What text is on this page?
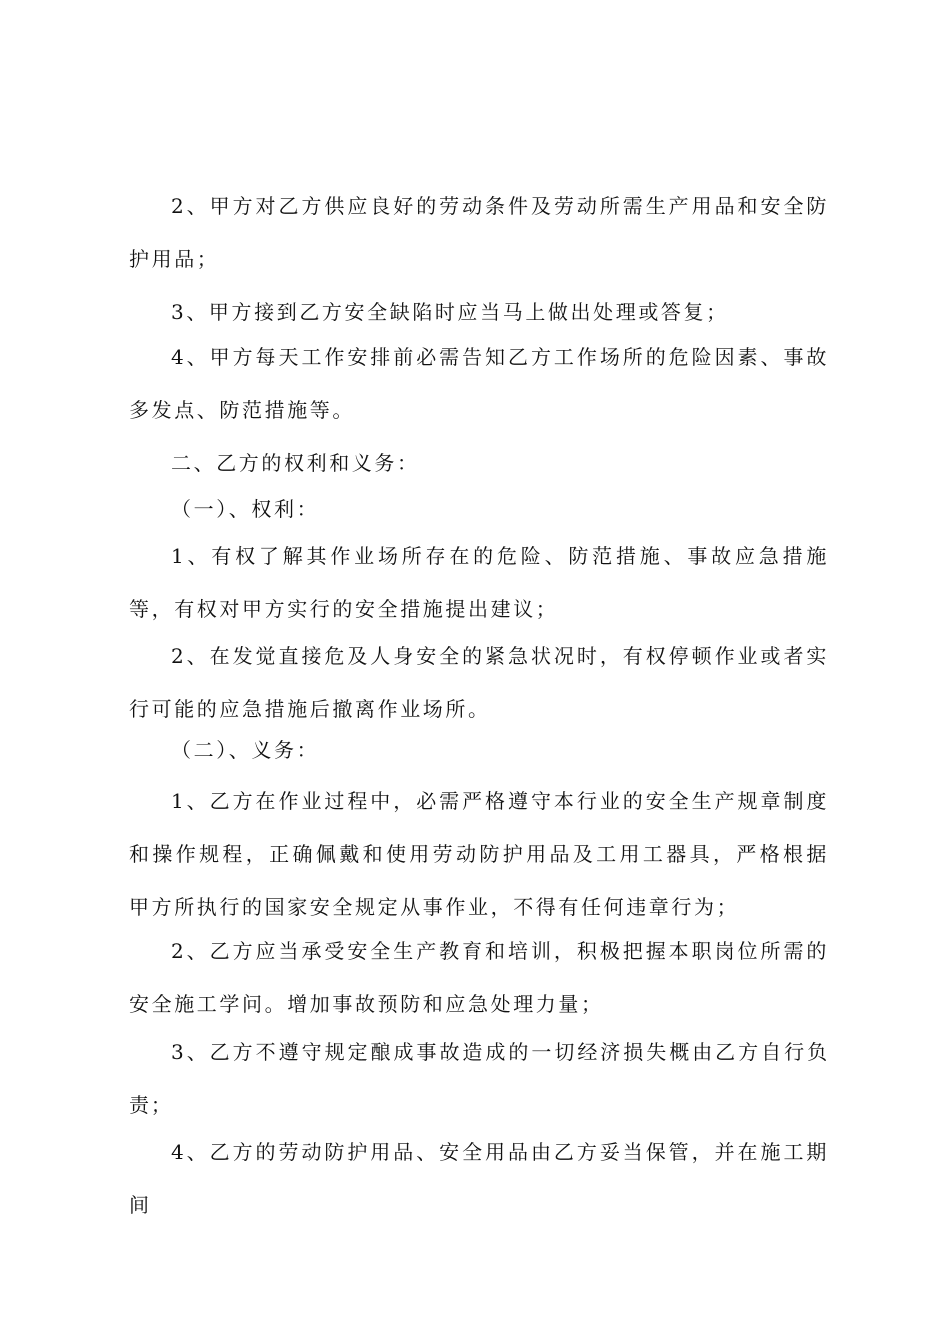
2、甲方对乙方供应良好的劳动条件及劳动所需生产用品和安全防护用品；

3、甲方接到乙方安全缺陷时应当马上做出处理或答复；

4、甲方每天工作安排前必需告知乙方工作场所的危险因素、事故多发点、防范措施等。

二、乙方的权利和义务：

（一）、权利：

1、有权了解其作业场所存在的危险、防范措施、事故应急措施等，有权对甲方实行的安全措施提出建议；

2、在发觉直接危及人身安全的紧急状况时，有权停顿作业或者实行可能的应急措施后撤离作业场所。

（二）、义务：

1、乙方在作业过程中，必需严格遵守本行业的安全生产规章制度和操作规程，正确佩戴和使用劳动防护用品及工用工器具，严格根据甲方所执行的国家安全规定从事作业，不得有任何违章行为；

2、乙方应当承受安全生产教育和培训，积极把握本职岗位所需的安全施工学问。增加事故预防和应急处理力量；

3、乙方不遵守规定酿成事故造成的一切经济损失概由乙方自行负责；

4、乙方的劳动防护用品、安全用品由乙方妥当保管，并在施工期间
